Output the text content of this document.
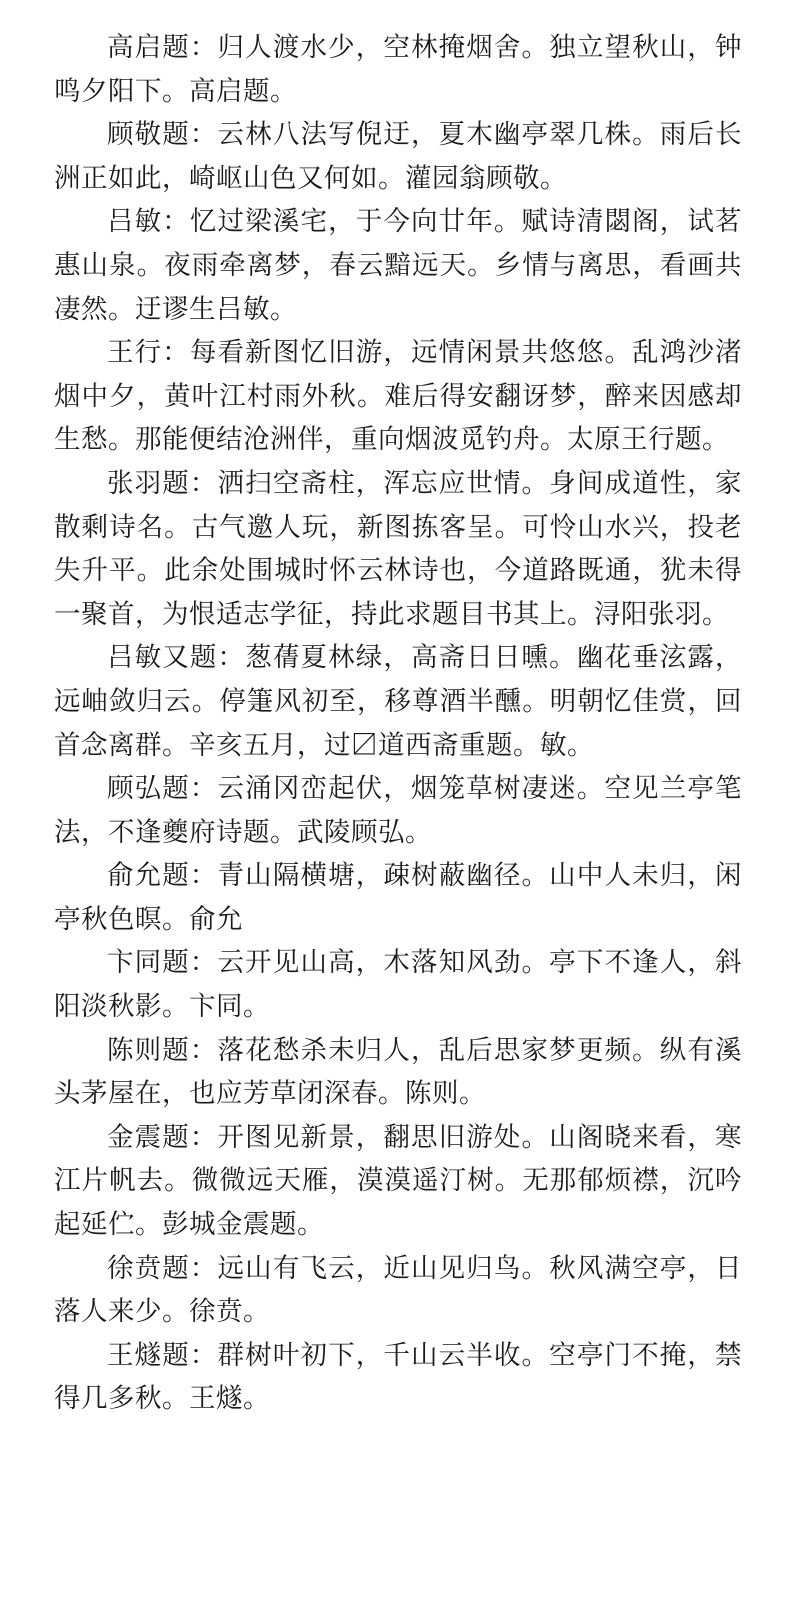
高启题：归人渡水少，空林掩烟舍。独立望秋山，钟鸣夕阳下。高启题。

顾敬题：云林八法写倪迂，夏木幽亭翠几株。雨后长洲正如此，崎岖山色又何如。灌园翁顾敬。

吕敏：忆过梁溪宅，于今向廿年。赋诗清閟阁，试茗惠山泉。夜雨牵离梦，春云黯远天。乡情与离思，看画共凄然。迂谬生吕敏。

王行：每看新图忆旧游，远情闲景共悠悠。乱鸿沙渚烟中夕，黄叶江村雨外秋。难后得安翻讶梦，醉来因感却生愁。那能便结沧洲伴，重向烟波觅钓舟。太原王行题。

张羽题：洒扫空斋柱，浑忘应世情。身间成道性，家散剩诗名。古气邀人玩，新图拣客呈。可怜山水兴，投老失升平。此余处围城时怀云林诗也，今道路既通，犹未得一聚首，为恨适志学征，持此求题目书其上。浔阳张羽。

吕敏又题：葱蒨夏林绿，高斋日日曛。幽花垂泫露，远岫敛归云。停箑风初至，移尊酒半醺。明朝忆佳赏，回首念离群。辛亥五月，过〼道西斋重题。敏。

顾弘题：云涌冈峦起伏，烟笼草树凄迷。空见兰亭笔法，不逢夔府诗题。武陵顾弘。

俞允题：青山隔横塘，疎树蔽幽径。山中人未归，闲亭秋色暝。俞允

卞同题：云开见山高，木落知风劲。亭下不逢人，斜阳淡秋影。卞同。

陈则题：落花愁杀未归人，乱后思家梦更频。纵有溪头茅屋在，也应芳草闭深春。陈则。

金震题：开图见新景，翻思旧游处。山阁晓来看，寒江片帆去。微微远天雁，漠漠遥汀树。无那郁烦襟，沉吟起延伫。彭城金震题。

徐贲题：远山有飞云，近山见归鸟。秋风满空亭，日落人来少。徐贲。

王燧题：群树叶初下，千山云半收。空亭门不掩，禁得几多秋。王燧。
